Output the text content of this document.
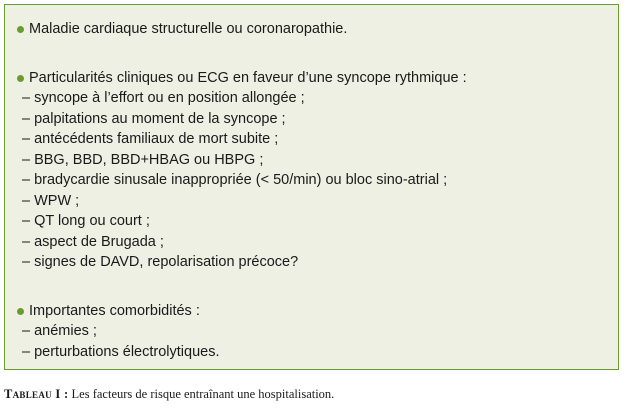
Maladie cardiaque structurelle ou coronaropathie.
Particularités cliniques ou ECG en faveur d’une syncope rythmique :
– syncope à l’effort ou en position allongée ;
– palpitations au moment de la syncope ;
– antécédents familiaux de mort subite ;
– BBG, BBD, BBD+HBAG ou HBPG ;
– bradycardie sinusale inappropriée (< 50/min) ou bloc sino-atrial ;
– WPW ;
– QT long ou court ;
– aspect de Brugada ;
– signes de DAVD, repolarisation précoce?
Importantes comorbidités :
– anémies ;
– perturbations électrolytiques.
Tableau I : Les facteurs de risque entraînant une hospitalisation.
